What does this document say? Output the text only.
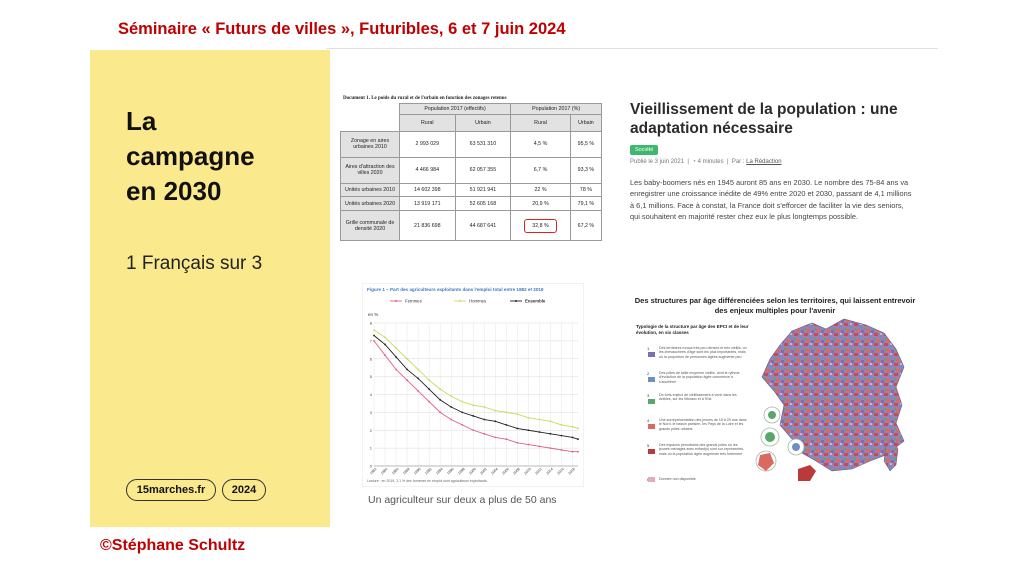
Séminaire « Futurs de villes », Futuribles, 6 et 7 juin 2024
La
campagne
en 2030
1 Français sur 3
15marches.fr	2024
©Stéphane Schultz
Document 1. Le poids du rural et de l'urbain en fonction des zonages retenus
	Population 2017 (effectifs)		Population 2017 (%)	
	Rural	Urbain	Rural	Urbain
Zonage en aires urbaines 2010	2 993 029	63 531 310	4,5 %	95,5 %
Aires d'attraction des villes 2020	4 466 984	62 057 355	6,7 %	93,3 %
Unités urbaines 2010	14 602 398	51 921 941	22 %	78 %
Unités urbaines 2020	13 919 171	52 605 168	20,9 %	79,1 %
Grille communale de densité 2020	21 836 698	44 687 641	32,8 %	67,2 %
Vieillissement de la population : une adaptation nécessaire
Société
Publié le 3 juin 2021  |  ◔ 4 minutes  |  Par : La Rédaction
Les baby-boomers nés en 1945 auront 85 ans en 2030. Le nombre des 75-84 ans va enregistrer une croissance inédite de 49% entre 2020 et 2030, passant de 4,1 millions à 6,1 millions. Face à constat, la France doit s'efforcer de faciliter la vie des seniors, qui souhaitent en majorité rester chez eux le plus longtemps possible.
Figure 1 – Part des agriculteurs exploitants dans l'emploi total entre 1982 et 2019
en %
Lecture : en 2019, 2,1 % des hommes en emploi sont agriculteurs exploitants.
0
1
2
3
4
5
6
7
8
Femmes	Hommes	Ensemble
1982 1984 1986 1988 1990 1992 1994 1996 1998 2000 2002 2004 2006 2008 2010 2012 2014 2016 2018
Un agriculteur sur deux a plus de 50 ans
Des structures par âge différenciées selon les territoires, qui laissent entrevoir des enjeux multiples pour l'avenir
Typologie de la structure par âge des EPCI et de leur évolution, en six classes
1	Des territoires ruraux très peu denses et très vieillis, où les chevauchées d'âge sont les plus importantes, mais où la proportion de personnes âgées augmente peu
2	Des pôles de taille moyenne vieillis, dont le rythme d'évolution de la population âgée commence à s'accélérer
3	De forts enjeux de vieillissement à venir dans les Antilles, sur les littoraux et à l'Est
4	Une surreprésentation des jeunes de 15 à 29 ans dans le Nord, le bassin parisien, les Pays de la Loire et les grands pôles urbains
5	Des espaces périurbains des grands pôles où les jeunes ménages avec enfant(s) sont sur-représentés, mais où la population âgée augmente très fortement
Donnée non disponible
